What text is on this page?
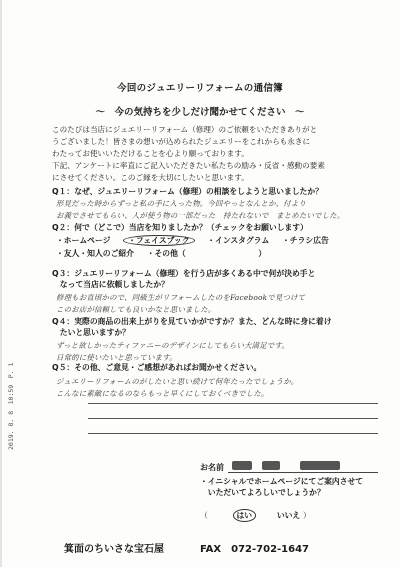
今回のジュエリーリフォームの通信簿
～　今の気持ちを少しだけ聞かせてください　～
このたびは当店にジュエリーリフォーム（修理）のご依頼をいただきありがと
うございました！皆さまの想いが込められたジュエリーをこれからも永きに
わたってお使いいただけることを心より願っております。
下記、アンケートに率直にご記入いただきたい私たちの励み・反省・感動の要素
にさせてください。このご縁を大切にしたいと思います。
Q１：なぜ、ジュエリーリフォーム（修理）の相談をしようと思いましたか？
形見だった時からずっと私の手に入った物。今回やっとなんとか、付より
お義でさせてもらい、人が使う物の一部だった　持たれないで　まとめたいでした。
Q２：何で（どこで）当店を知りましたか？（チェックをお願いします）
・ホームページ ・フェイスブック ・インスタグラム ・チラシ広告
・友人・知人のご紹介 ・その他（	）
Q３：ジュエリーリフォーム（修理）を行う店が多くある中で何が決め手と
　なって当店に依頼しましたか？
修理もお直頃かので、同級生がリフォームしたのをFacebookで見つけて
このお店が信頼しても良いかなと思いました。
Q４：実際の商品の出来上がりを見ていかがですか？また、どんな時に身に着け
　たいと思いますか？
ずっと欲しかったティファニーのデザインにしてもらい大満足です。
日常的に使いたいと思っています。
Q５：その他、ご意見・ご感想があればお聞かせください。
ジュエリーリフォームのがしたいと思い続けて何年たったでしょうか。
こんなに素敵になるのならもっと早くにしておくべきでした。
お名前
・イニシャルでホームページにてご案内させて
　いただいてよろしいでしょうか？
（	はい	いいえ ）
箕面のちいさな宝石屋	FAX　072-702-1647
2019. 8. 8　10:59　P. 1
